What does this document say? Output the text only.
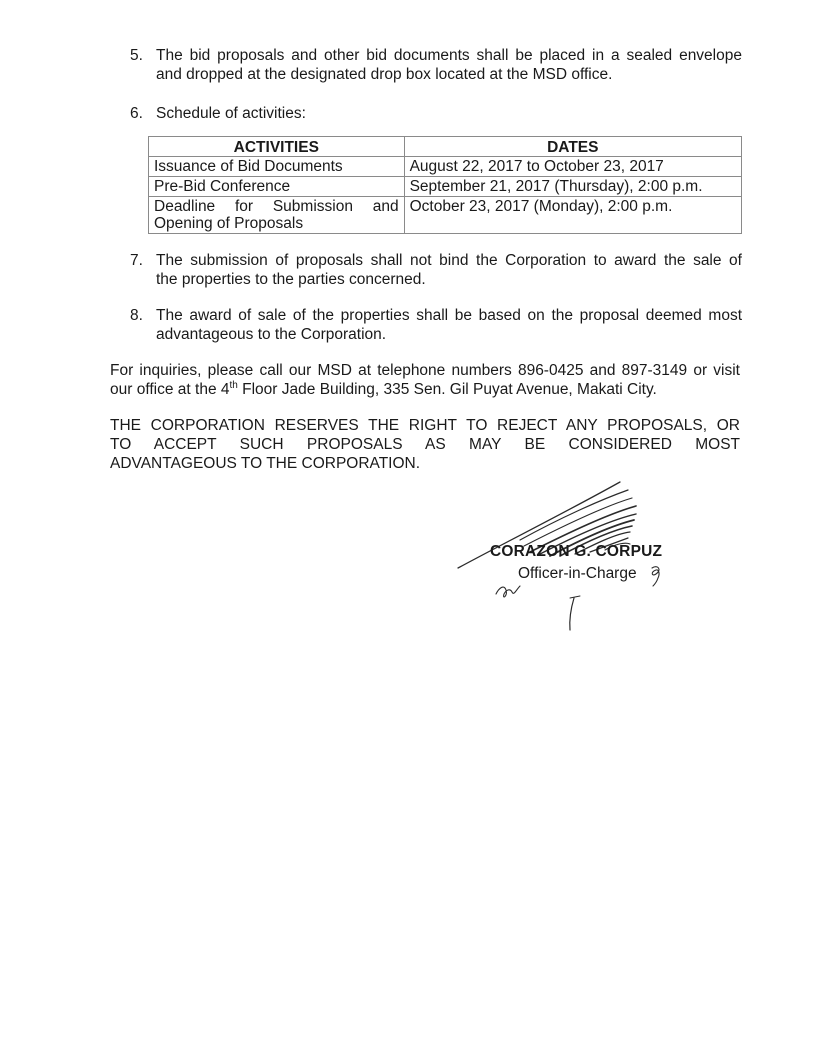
5. The bid proposals and other bid documents shall be placed in a sealed envelope
and dropped at the designated drop box located at the MSD office.
6. Schedule of activities:
ACTIVITIES	DATES
Issuance of Bid Documents	August 22, 2017 to October 23, 2017
Pre-Bid Conference	September 21, 2017 (Thursday), 2:00 p.m.

Deadline for Submission and
Opening of Proposals	October 23, 2017 (Monday), 2:00 p.m.
7. The submission of proposals shall not bind the Corporation to award the sale of
the properties to the parties concerned.
8. The award of sale of the properties shall be based on the proposal deemed most
advantageous to the Corporation.
For inquiries, please call our MSD at telephone numbers 896-0425 and 897-3149 or visit
our office at the 4th Floor Jade Building, 335 Sen. Gil Puyat Avenue, Makati City.
THE CORPORATION RESERVES THE RIGHT TO REJECT ANY PROPOSALS, OR
TO ACCEPT SUCH PROPOSALS AS MAY BE CONSIDERED MOST
ADVANTAGEOUS TO THE CORPORATION.
CORAZON G. CORPUZ
Officer-in-Charge
